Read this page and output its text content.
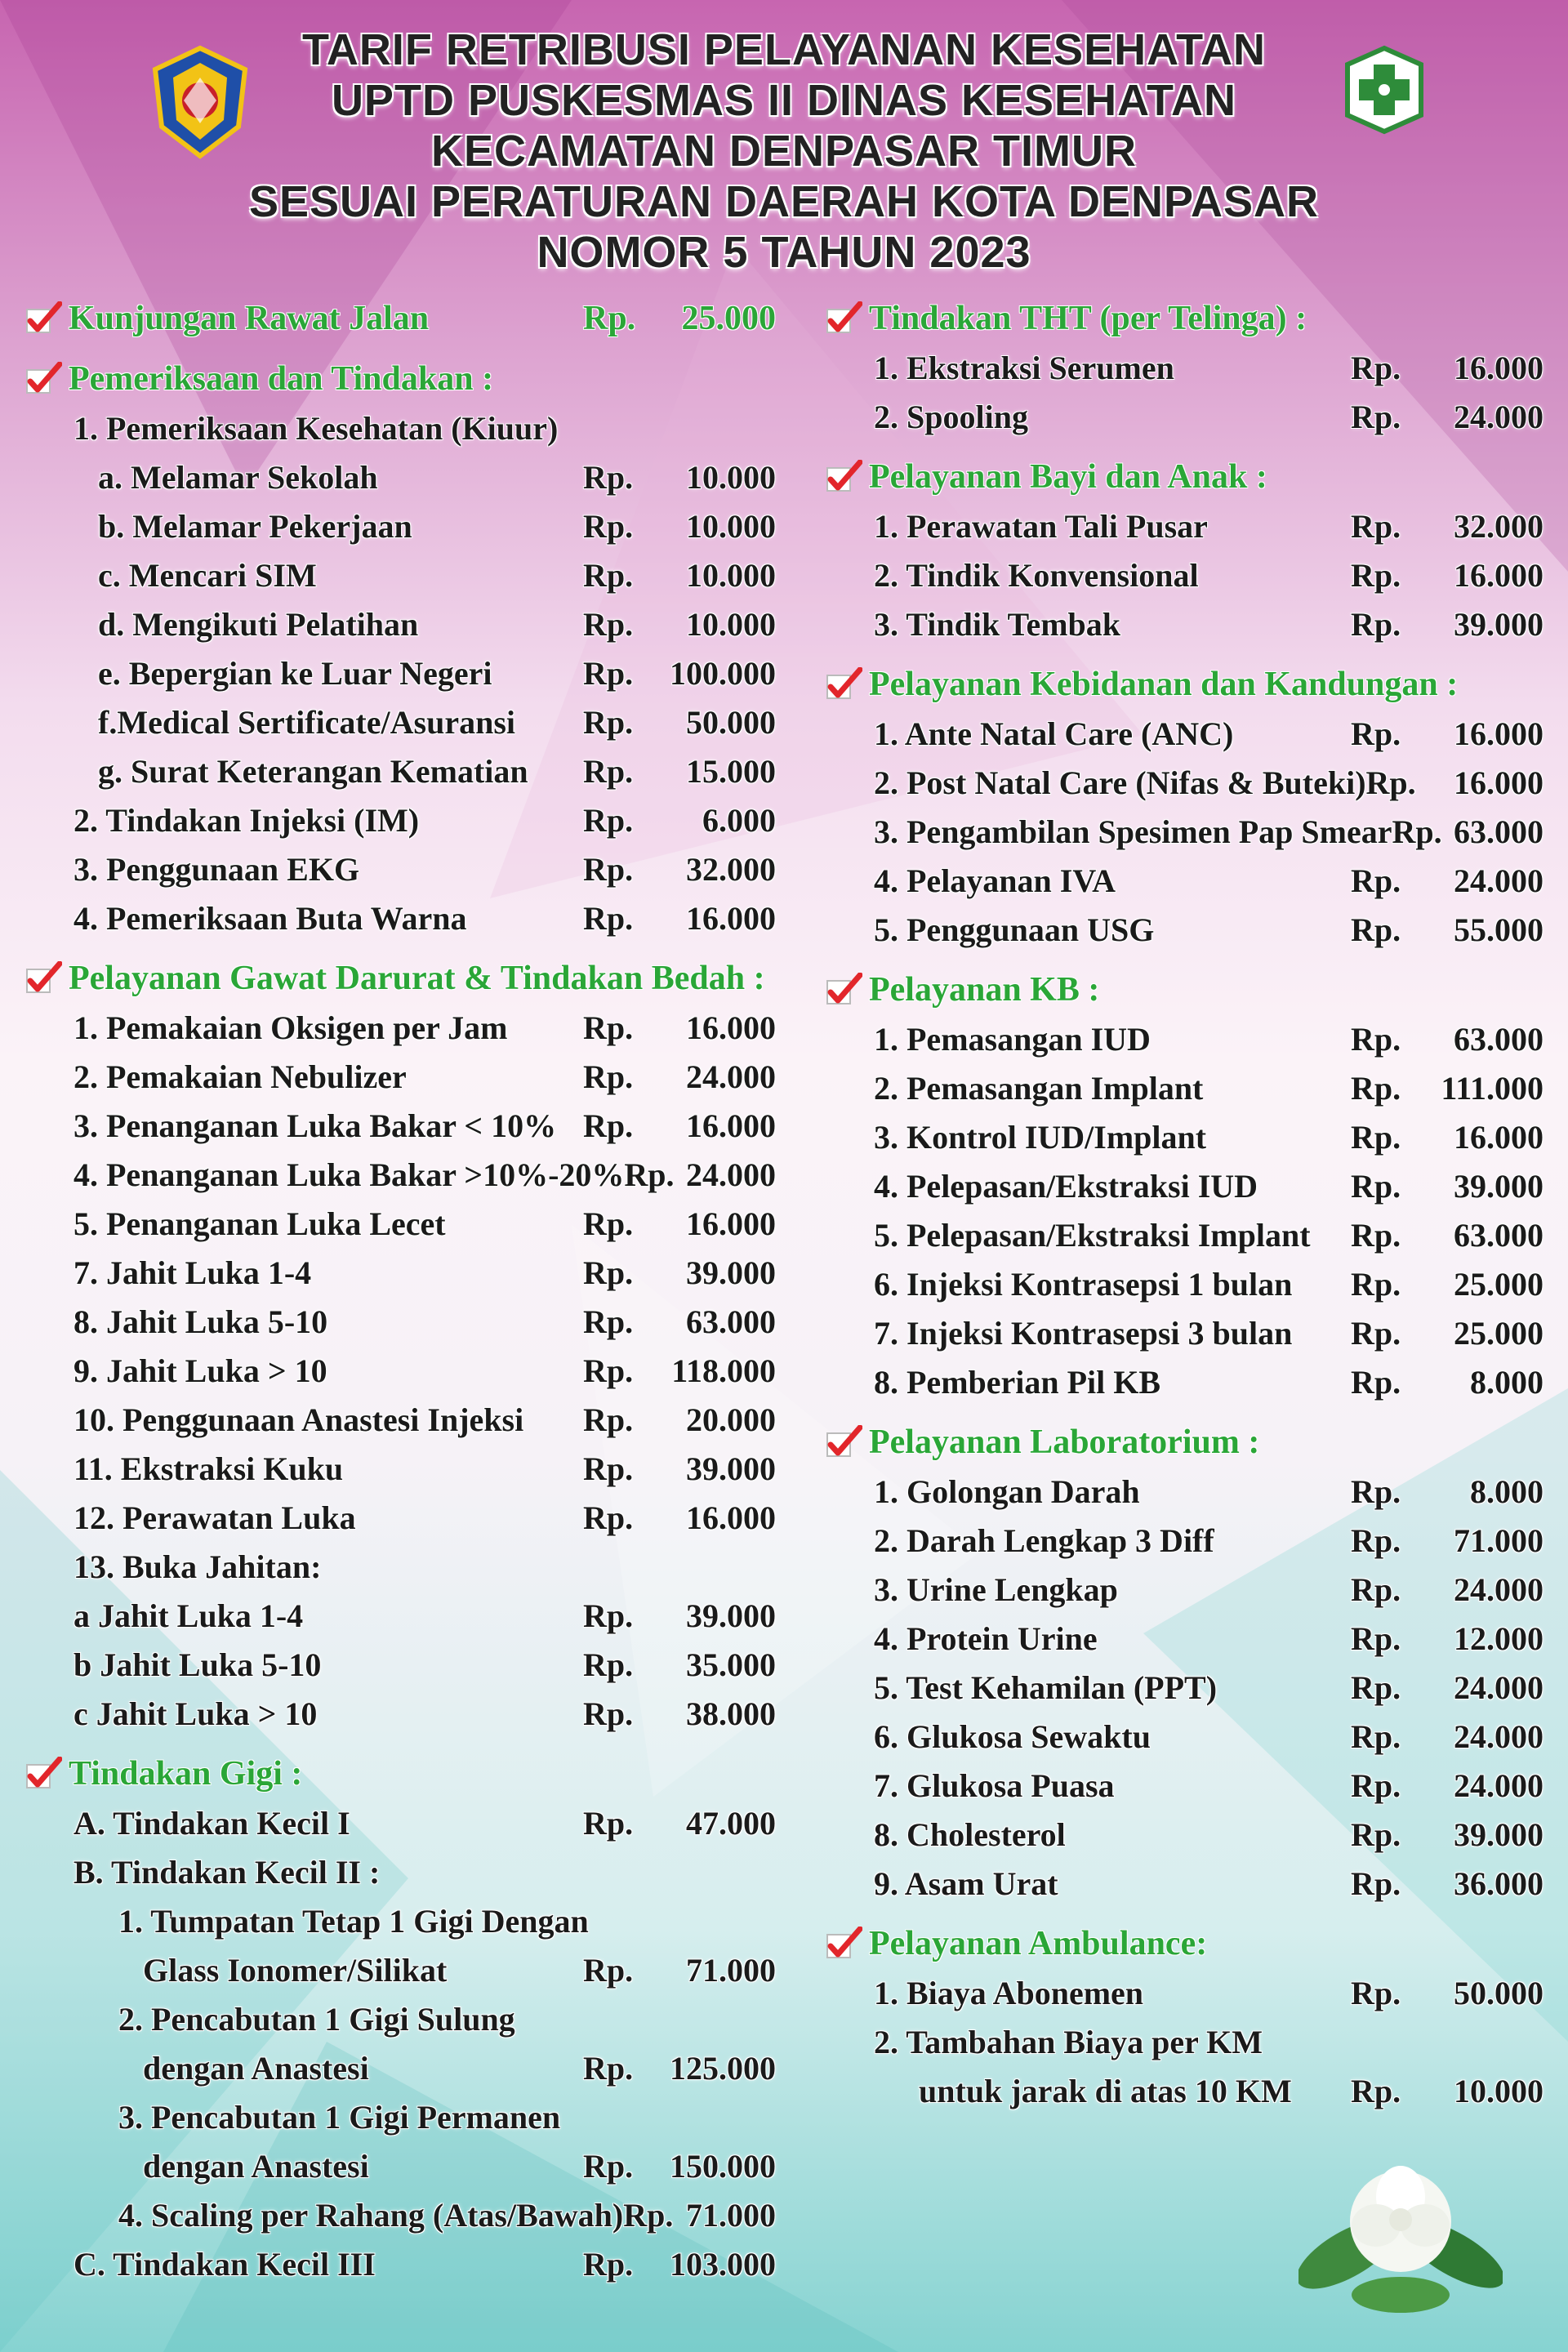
TARIF RETRIBUSI PELAYANAN KESEHATAN
UPTD PUSKESMAS II DINAS KESEHATAN
KECAMATAN DENPASAR TIMUR
SESUAI PERATURAN DAERAH KOTA DENPASAR
NOMOR 5 TAHUN 2023
Kunjungan Rawat Jalan	Rp.	25.000
Pemeriksaan dan Tindakan :
1. Pemeriksaan Kesehatan (Kiuur)
a. Melamar Sekolah	Rp.	10.000
b. Melamar Pekerjaan	Rp.	10.000
c. Mencari SIM	Rp.	10.000
d. Mengikuti Pelatihan	Rp.	10.000
e. Bepergian ke Luar Negeri	Rp.	100.000
f.Medical Sertificate/Asuransi	Rp.	50.000
g. Surat Keterangan Kematian	Rp.	15.000
2. Tindakan Injeksi (IM)	Rp.	6.000
3. Penggunaan EKG	Rp.	32.000
4. Pemeriksaan Buta Warna	Rp.	16.000
Pelayanan Gawat Darurat & Tindakan Bedah :
1. Pemakaian Oksigen per Jam	Rp.	16.000
2. Pemakaian Nebulizer	Rp.	24.000
3. Penanganan Luka Bakar < 10% Rp.	16.000
4. Penanganan Luka Bakar >10%-20% Rp. 24.000
5. Penanganan Luka Lecet	Rp.	16.000
7. Jahit Luka 1-4	Rp.	39.000
8. Jahit Luka 5-10	Rp.	63.000
9. Jahit Luka > 10	Rp.	118.000
10. Penggunaan Anastesi Injeksi	Rp.	20.000
11. Ekstraksi Kuku	Rp.	39.000
12. Perawatan Luka	Rp.	16.000
13. Buka Jahitan:
a Jahit Luka 1-4	Rp.	39.000
b Jahit Luka 5-10	Rp.	35.000
c Jahit Luka > 10	Rp.	38.000
Tindakan Gigi :
A. Tindakan Kecil I	Rp.	47.000
B. Tindakan Kecil II :
1. Tumpatan Tetap 1 Gigi Dengan
Glass Ionomer/Silikat	Rp.	71.000
2. Pencabutan 1 Gigi Sulung
dengan Anastesi	Rp.	125.000
3. Pencabutan 1 Gigi Permanen
dengan Anastesi	Rp.	150.000
4. Scaling per Rahang (Atas/Bawah) Rp. 71.000
C. Tindakan Kecil III	Rp.	103.000
Tindakan THT (per Telinga) :
1. Ekstraksi Serumen	Rp.	16.000
2. Spooling	Rp.	24.000
Pelayanan Bayi dan Anak :
1. Perawatan Tali Pusar	Rp.	32.000
2. Tindik Konvensional	Rp.	16.000
3. Tindik Tembak	Rp.	39.000
Pelayanan Kebidanan dan Kandungan :
1. Ante Natal Care (ANC)	Rp.	16.000
2. Post Natal Care (Nifas & Buteki) Rp.	16.000
3. Pengambilan Spesimen Pap Smear Rp. 63.000
4. Pelayanan IVA	Rp.	24.000
5. Penggunaan USG	Rp.	55.000
Pelayanan KB :
1. Pemasangan IUD	Rp.	63.000
2. Pemasangan Implant	Rp.	111.000
3. Kontrol IUD/Implant	Rp.	16.000
4. Pelepasan/Ekstraksi IUD	Rp.	39.000
5. Pelepasan/Ekstraksi Implant	Rp.	63.000
6. Injeksi Kontrasepsi 1 bulan	Rp.	25.000
7. Injeksi Kontrasepsi 3 bulan	Rp.	25.000
8. Pemberian Pil KB	Rp.	8.000
Pelayanan Laboratorium :
1. Golongan Darah	Rp.	8.000
2. Darah Lengkap 3 Diff	Rp.	71.000
3. Urine Lengkap	Rp.	24.000
4. Protein Urine	Rp.	12.000
5. Test Kehamilan (PPT)	Rp.	24.000
6. Glukosa Sewaktu	Rp.	24.000
7. Glukosa Puasa	Rp.	24.000
8. Cholesterol	Rp.	39.000
9. Asam Urat	Rp.	36.000
Pelayanan Ambulance:
1. Biaya Abonemen	Rp.	50.000
2. Tambahan Biaya per KM
untuk jarak di atas 10 KM	Rp.	10.000
